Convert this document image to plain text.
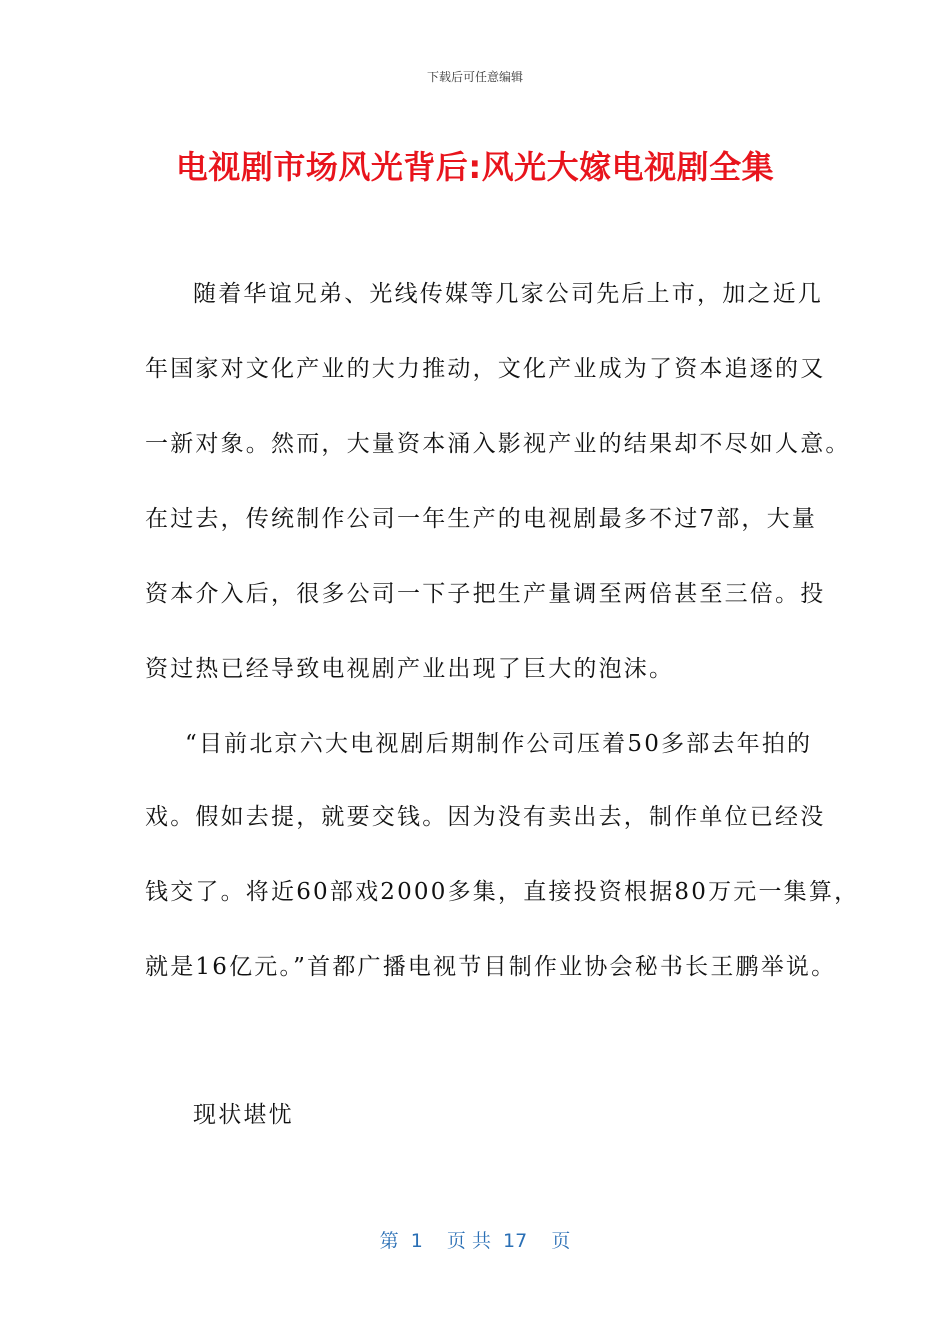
下载后可任意编辑
电视剧市场风光背后:风光大嫁电视剧全集
随着华谊兄弟、光线传媒等几家公司先后上市，加之近几
年国家对文化产业的大力推动，文化产业成为了资本追逐的又
一新对象。然而，大量资本涌入影视产业的结果却不尽如人意。
在过去，传统制作公司一年生产的电视剧最多不过7部，大量
资本介入后，很多公司一下子把生产量调至两倍甚至三倍。投
资过热已经导致电视剧产业出现了巨大的泡沫。
“目前北京六大电视剧后期制作公司压着50多部去年拍的
戏。假如去提，就要交钱。因为没有卖出去，制作单位已经没
钱交了。将近60部戏2000多集，直接投资根据80万元一集算，
就是16亿元。”首都广播电视节目制作业协会秘书长王鹏举说。
现状堪忧
第  1    页 共  17    页
